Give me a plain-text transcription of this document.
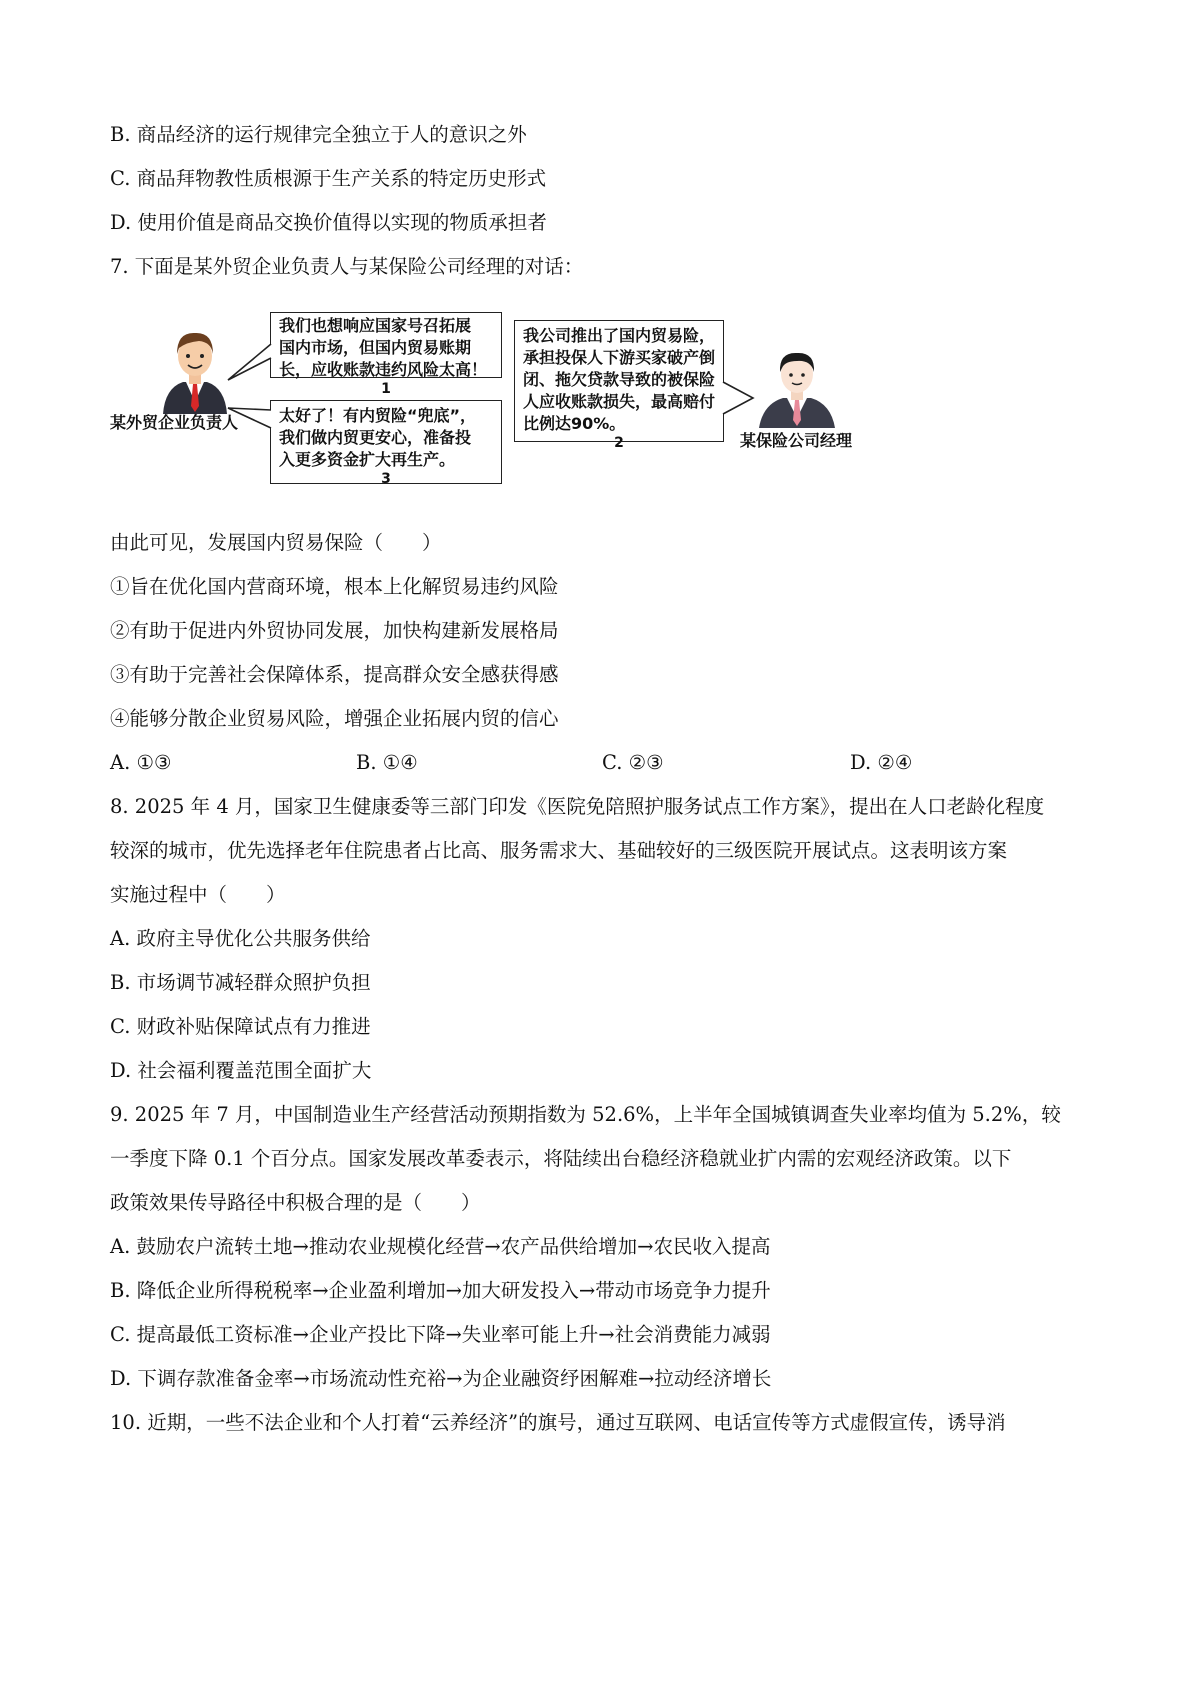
B. 商品经济的运行规律完全独立于人的意识之外
C. 商品拜物教性质根源于生产关系的特定历史形式
D. 使用价值是商品交换价值得以实现的物质承担者
7. 下面是某外贸企业负责人与某保险公司经理的对话：
某外贸企业负责人
某保险公司经理
我们也想响应国家号召拓展
国内市场，但国内贸易账期
长，应收账款违约风险太高！
1
我公司推出了国内贸易险，
承担投保人下游买家破产倒
闭、拖欠贷款导致的被保险
人应收账款损失，最高赔付
比例达90%。
2
太好了！有内贸险“兜底”，
我们做内贸更安心，准备投
入更多资金扩大再生产。
3
由此可见，发展国内贸易保险（　　）
①旨在优化国内营商环境，根本上化解贸易违约风险
②有助于促进内外贸协同发展，加快构建新发展格局
③有助于完善社会保障体系，提高群众安全感获得感
④能够分散企业贸易风险，增强企业拓展内贸的信心
A. ①③	B. ①④	C. ②③	D. ②④
8. 2025 年 4 月，国家卫生健康委等三部门印发《医院免陪照护服务试点工作方案》，提出在人口老龄化程度
较深的城市，优先选择老年住院患者占比高、服务需求大、基础较好的三级医院开展试点。这表明该方案
实施过程中（　　）
A. 政府主导优化公共服务供给
B. 市场调节减轻群众照护负担
C. 财政补贴保障试点有力推进
D. 社会福利覆盖范围全面扩大
9. 2025 年 7 月，中国制造业生产经营活动预期指数为 52.6%，上半年全国城镇调查失业率均值为 5.2%，较
一季度下降 0.1 个百分点。国家发展改革委表示，将陆续出台稳经济稳就业扩内需的宏观经济政策。以下
政策效果传导路径中积极合理的是（　　）
A. 鼓励农户流转土地→推动农业规模化经营→农产品供给增加→农民收入提高
B. 降低企业所得税税率→企业盈利增加→加大研发投入→带动市场竞争力提升
C. 提高最低工资标准→企业产投比下降→失业率可能上升→社会消费能力减弱
D. 下调存款准备金率→市场流动性充裕→为企业融资纾困解难→拉动经济增长
10. 近期，一些不法企业和个人打着“云养经济”的旗号，通过互联网、电话宣传等方式虚假宣传，诱导消
